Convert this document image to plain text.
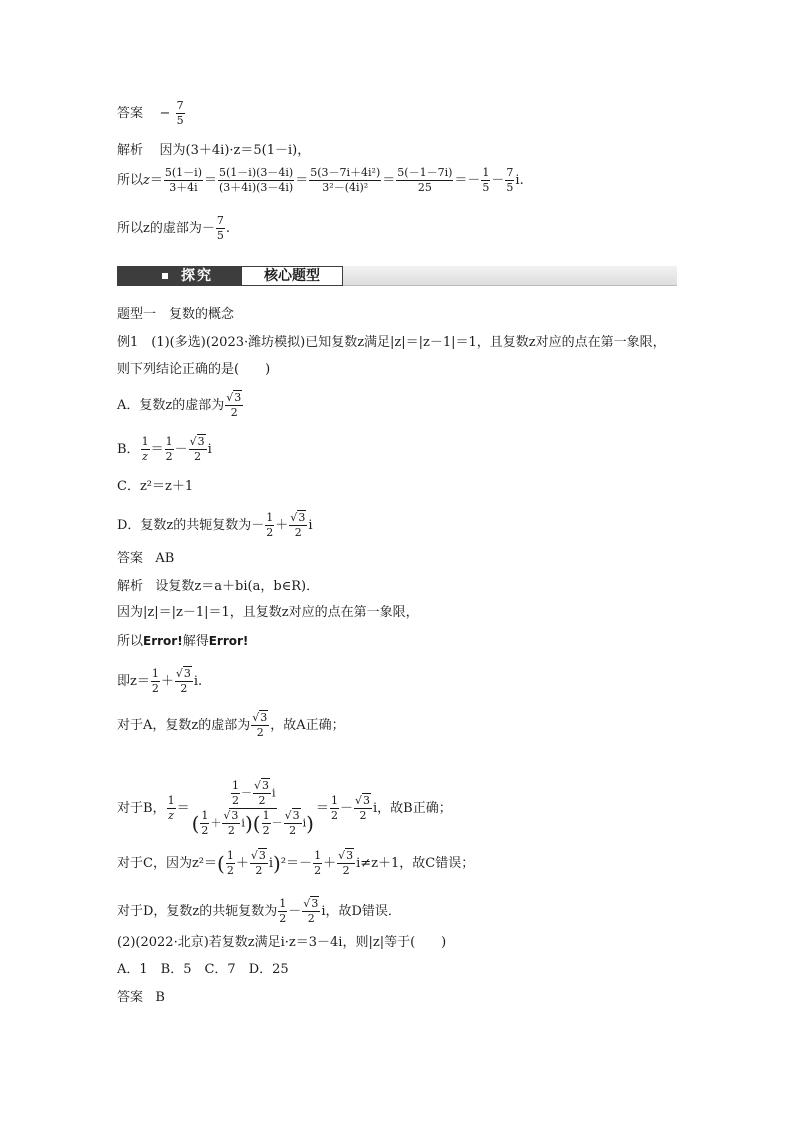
答案 − $\frac{7}{5}$
解析 因为(3＋4i)·z＝5(1－i)，
所以$z= \frac{5(1-i)}{3+4i} = \frac{5(1-i)(3-4i)}{(3+4i)(3-4i)} = \frac{\text{5(3－7i＋4i²)}}{\text{3²－(4i)²}} = \frac{5(-1-7i)}{25} =- \frac{1}{5} - \frac{7}{5} i$.
所以z的虚部为－ $\frac{7}{5}$ .
探究	核心题型
题型一　复数的概念
例1　(1)(多选)(2023·潍坊模拟)已知复数z满足|z|＝|z－1|＝1，且复数z对应的点在第一象限，
则下列结论正确的是(　　)
A．复数z的虚部为 $\frac{√3}{2}$
B． $\frac{1}{z} = \frac{1}{2} - \frac{√3}{2}$ i
C．z²＝z＋1
D．复数z的共轭复数为－ $\frac{1}{2} + \frac{√3}{2}$ i
答案 AB
解析 设复数z＝a＋bi(a，b∈R)．
因为|z|＝|z－1|＝1，且复数z对应的点在第一象限，
所以Error!解得Error!
即$z= \frac{1}{2} + \frac{√3}{2} i$.
对于A，复数z的虚部为 $\frac{√3}{2}$ ，故A正确；
对于B， $\frac{1}{z} = \frac{\frac{1}{2} - \frac{√3}{2} i}{( \frac{1}{2} + \frac{√3}{2} i)( \frac{1}{2} - \frac{√3}{2} i)} = \frac{1}{2} - \frac{√3}{2}$ i，故B正确；
对于C，因为$z^2=( \frac{1}{2} + \frac{√3}{2} i)^2=- \frac{1}{2} + \frac{√3}{2} i\ne z+1$，故C错误；
对于D，复数z的共轭复数为 $\frac{1}{2} - \frac{√3}{2}$ i，故D错误．
(2)(2022·北京)若复数z满足i·z＝3－4i，则|z|等于(　　)
A．1　B．5　C．7　D．25
答案 B
